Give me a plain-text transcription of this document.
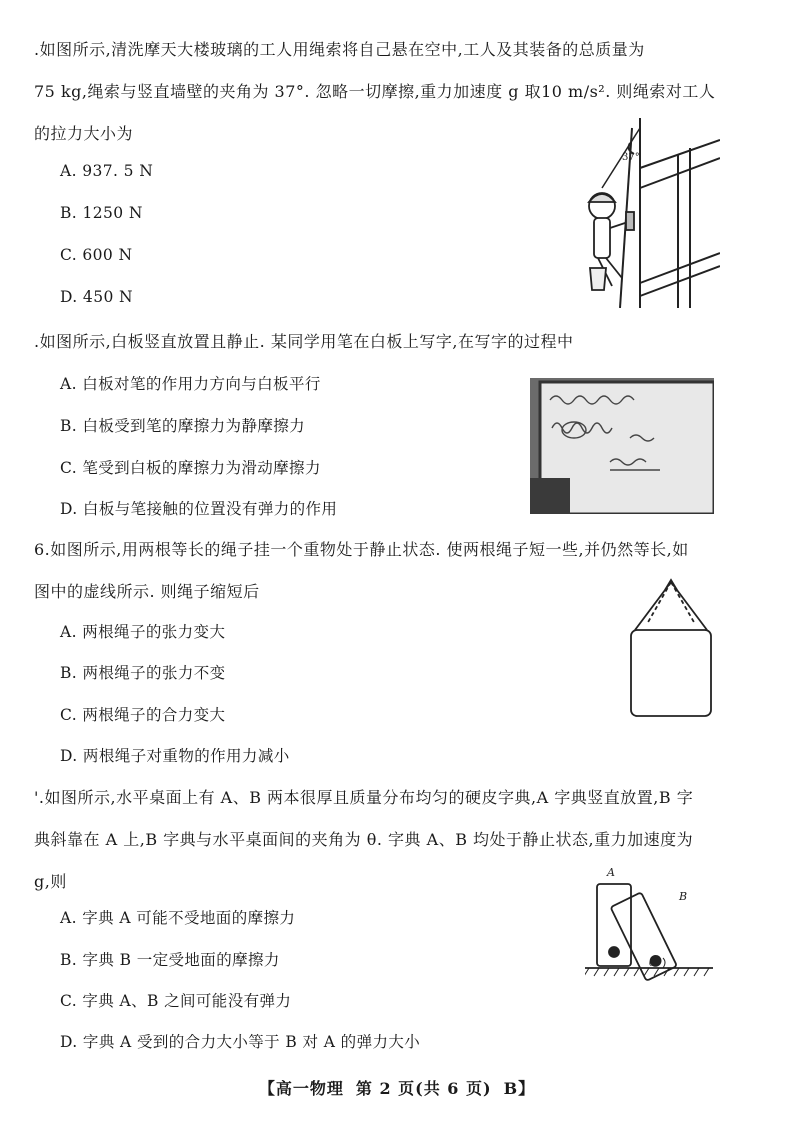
.如图所示,清洗摩天大楼玻璃的工人用绳索将自己悬在空中,工人及其装备的总质量为

75 kg,绳索与竖直墙壁的夹角为 37°. 忽略一切摩擦,重力加速度 g 取10 m/s². 则绳索对工人

的拉力大小为

A. 937. 5 N
B. 1250 N
C. 600 N
D. 450 N
37°

.如图所示,白板竖直放置且静止. 某同学用笔在白板上写字,在写字的过程中

A. 白板对笔的作用力方向与白板平行
B. 白板受到笔的摩擦力为静摩擦力
C. 笔受到白板的摩擦力为滑动摩擦力
D. 白板与笔接触的位置没有弹力的作用

6.如图所示,用两根等长的绳子挂一个重物处于静止状态. 使两根绳子短一些,并仍然等长,如

图中的虚线所示. 则绳子缩短后

A. 两根绳子的张力变大
B. 两根绳子的张力不变
C. 两根绳子的合力变大
D. 两根绳子对重物的作用力减小

'.如图所示,水平桌面上有 A、B 两本很厚且质量分布均匀的硬皮字典,A 字典竖直放置,B 字

典斜靠在 A 上,B 字典与水平桌面间的夹角为 θ. 字典 A、B 均处于静止状态,重力加速度为

g,则

A. 字典 A 可能不受地面的摩擦力
B. 字典 B 一定受地面的摩擦力
C. 字典 A、B 之间可能没有弹力
D. 字典 A 受到的合力大小等于 B 对 A 的弹力大小
A
B
θ
【高一物理 第 2 页(共 6 页) B】
